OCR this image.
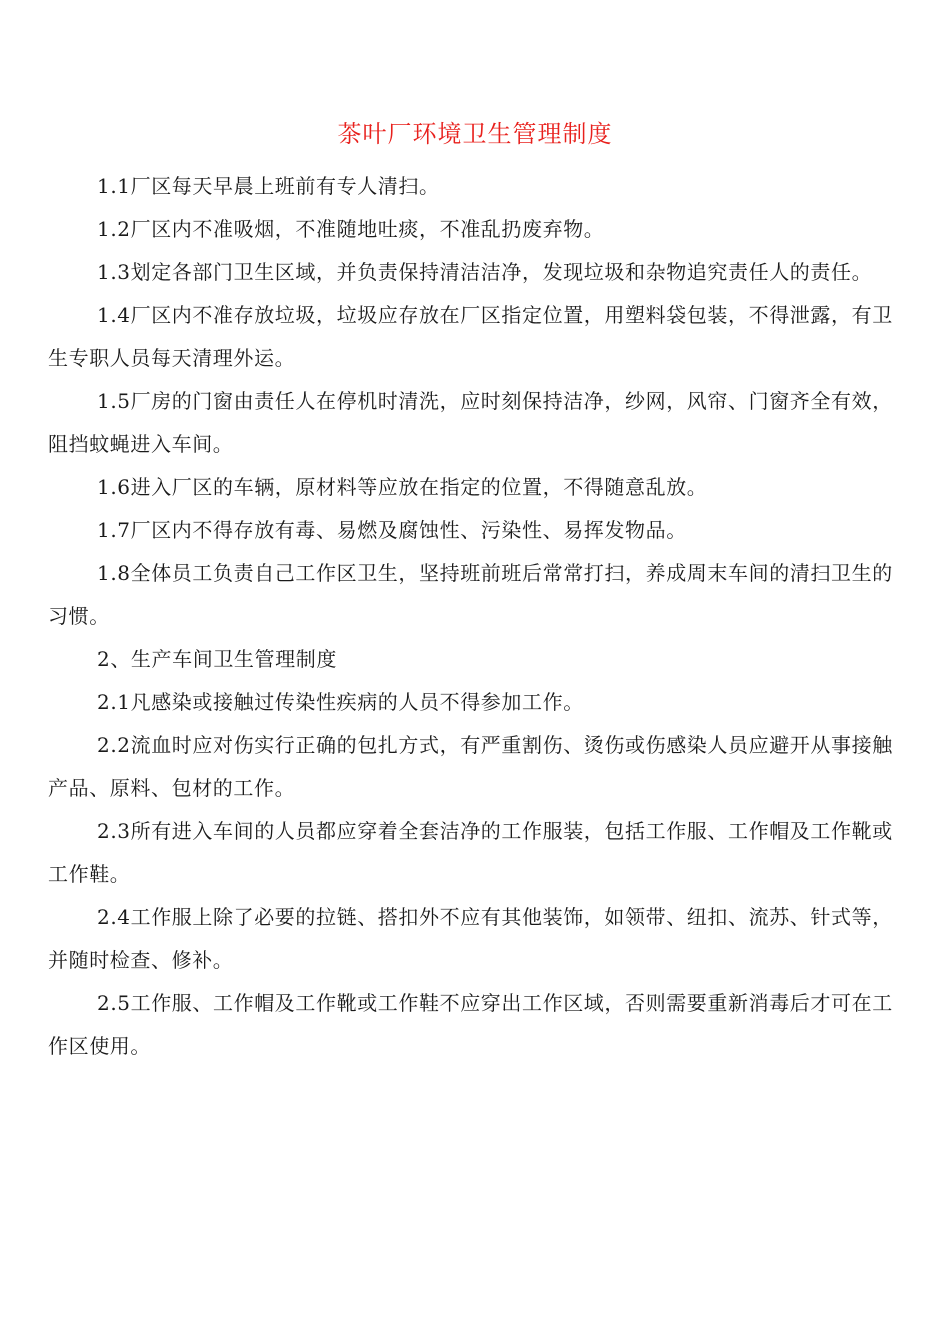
茶叶厂环境卫生管理制度

1.1厂区每天早晨上班前有专人清扫。

1.2厂区内不准吸烟，不准随地吐痰，不准乱扔废弃物。

1.3划定各部门卫生区域，并负责保持清洁洁净，发现垃圾和杂物追究责任人的责任。

1.4厂区内不准存放垃圾，垃圾应存放在厂区指定位置，用塑料袋包装，不得泄露，有卫生专职人员每天清理外运。

1.5厂房的门窗由责任人在停机时清洗，应时刻保持洁净，纱网，风帘、门窗齐全有效，阻挡蚊蝇进入车间。

1.6进入厂区的车辆，原材料等应放在指定的位置，不得随意乱放。

1.7厂区内不得存放有毒、易燃及腐蚀性、污染性、易挥发物品。

1.8全体员工负责自己工作区卫生，坚持班前班后常常打扫，养成周末车间的清扫卫生的习惯。

2、生产车间卫生管理制度

2.1凡感染或接触过传染性疾病的人员不得参加工作。

2.2流血时应对伤实行正确的包扎方式，有严重割伤、烫伤或伤感染人员应避开从事接触产品、原料、包材的工作。

2.3所有进入车间的人员都应穿着全套洁净的工作服装，包括工作服、工作帽及工作靴或工作鞋。

2.4工作服上除了必要的拉链、搭扣外不应有其他装饰，如领带、纽扣、流苏、针式等，并随时检查、修补。

2.5工作服、工作帽及工作靴或工作鞋不应穿出工作区域，否则需要重新消毒后才可在工作区使用。
